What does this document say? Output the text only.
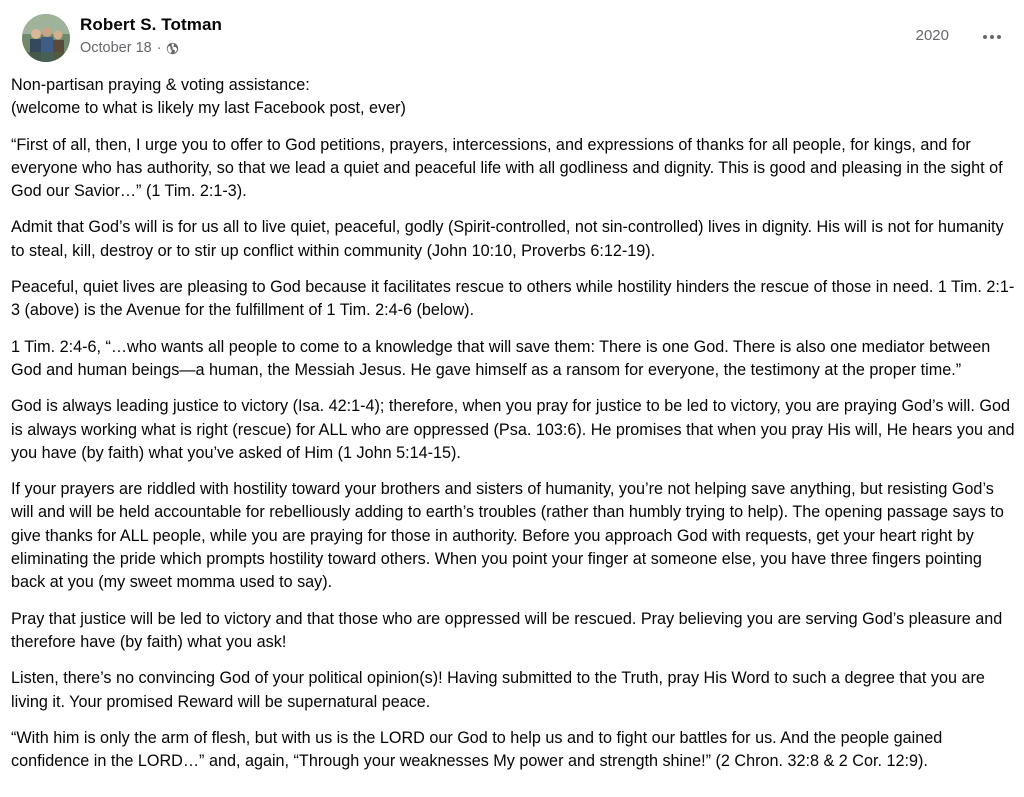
Robert S. Totman
October 18 ·
2020

Non-partisan praying & voting assistance:
(welcome to what is likely my last Facebook post, ever)

“First of all, then, I urge you to offer to God petitions, prayers, intercessions, and expressions of thanks for all people, for kings, and for everyone who has authority, so that we lead a quiet and peaceful life with all godliness and dignity. This is good and pleasing in the sight of God our Savior…” (1 Tim. 2:1-3).

Admit that God’s will is for us all to live quiet, peaceful, godly (Spirit-controlled, not sin-controlled) lives in dignity. His will is not for humanity to steal, kill, destroy or to stir up conflict within community (John 10:10, Proverbs 6:12-19).

Peaceful, quiet lives are pleasing to God because it facilitates rescue to others while hostility hinders the rescue of those in need. 1 Tim. 2:1-3 (above) is the Avenue for the fulfillment of 1 Tim. 2:4-6 (below).

1 Tim. 2:4-6, “…who wants all people to come to a knowledge that will save them: There is one God. There is also one mediator between God and human beings—a human, the Messiah Jesus. He gave himself as a ransom for everyone, the testimony at the proper time.”

God is always leading justice to victory (Isa. 42:1-4); therefore, when you pray for justice to be led to victory, you are praying God’s will. God is always working what is right (rescue) for ALL who are oppressed (Psa. 103:6). He promises that when you pray His will, He hears you and you have (by faith) what you’ve asked of Him (1 John 5:14-15).

If your prayers are riddled with hostility toward your brothers and sisters of humanity, you’re not helping save anything, but resisting God’s will and will be held accountable for rebelliously adding to earth’s troubles (rather than humbly trying to help). The opening passage says to give thanks for ALL people, while you are praying for those in authority. Before you approach God with requests, get your heart right by eliminating the pride which prompts hostility toward others. When you point your finger at someone else, you have three fingers pointing back at you (my sweet momma used to say).

Pray that justice will be led to victory and that those who are oppressed will be rescued. Pray believing you are serving God’s pleasure and therefore have (by faith) what you ask!

Listen, there’s no convincing God of your political opinion(s)! Having submitted to the Truth, pray His Word to such a degree that you are living it. Your promised Reward will be supernatural peace.

“With him is only the arm of flesh, but with us is the LORD our God to help us and to fight our battles for us. And the people gained confidence in the LORD…” and, again, “Through your weaknesses My power and strength shine!” (2 Chron. 32:8 & 2 Cor. 12:9).
